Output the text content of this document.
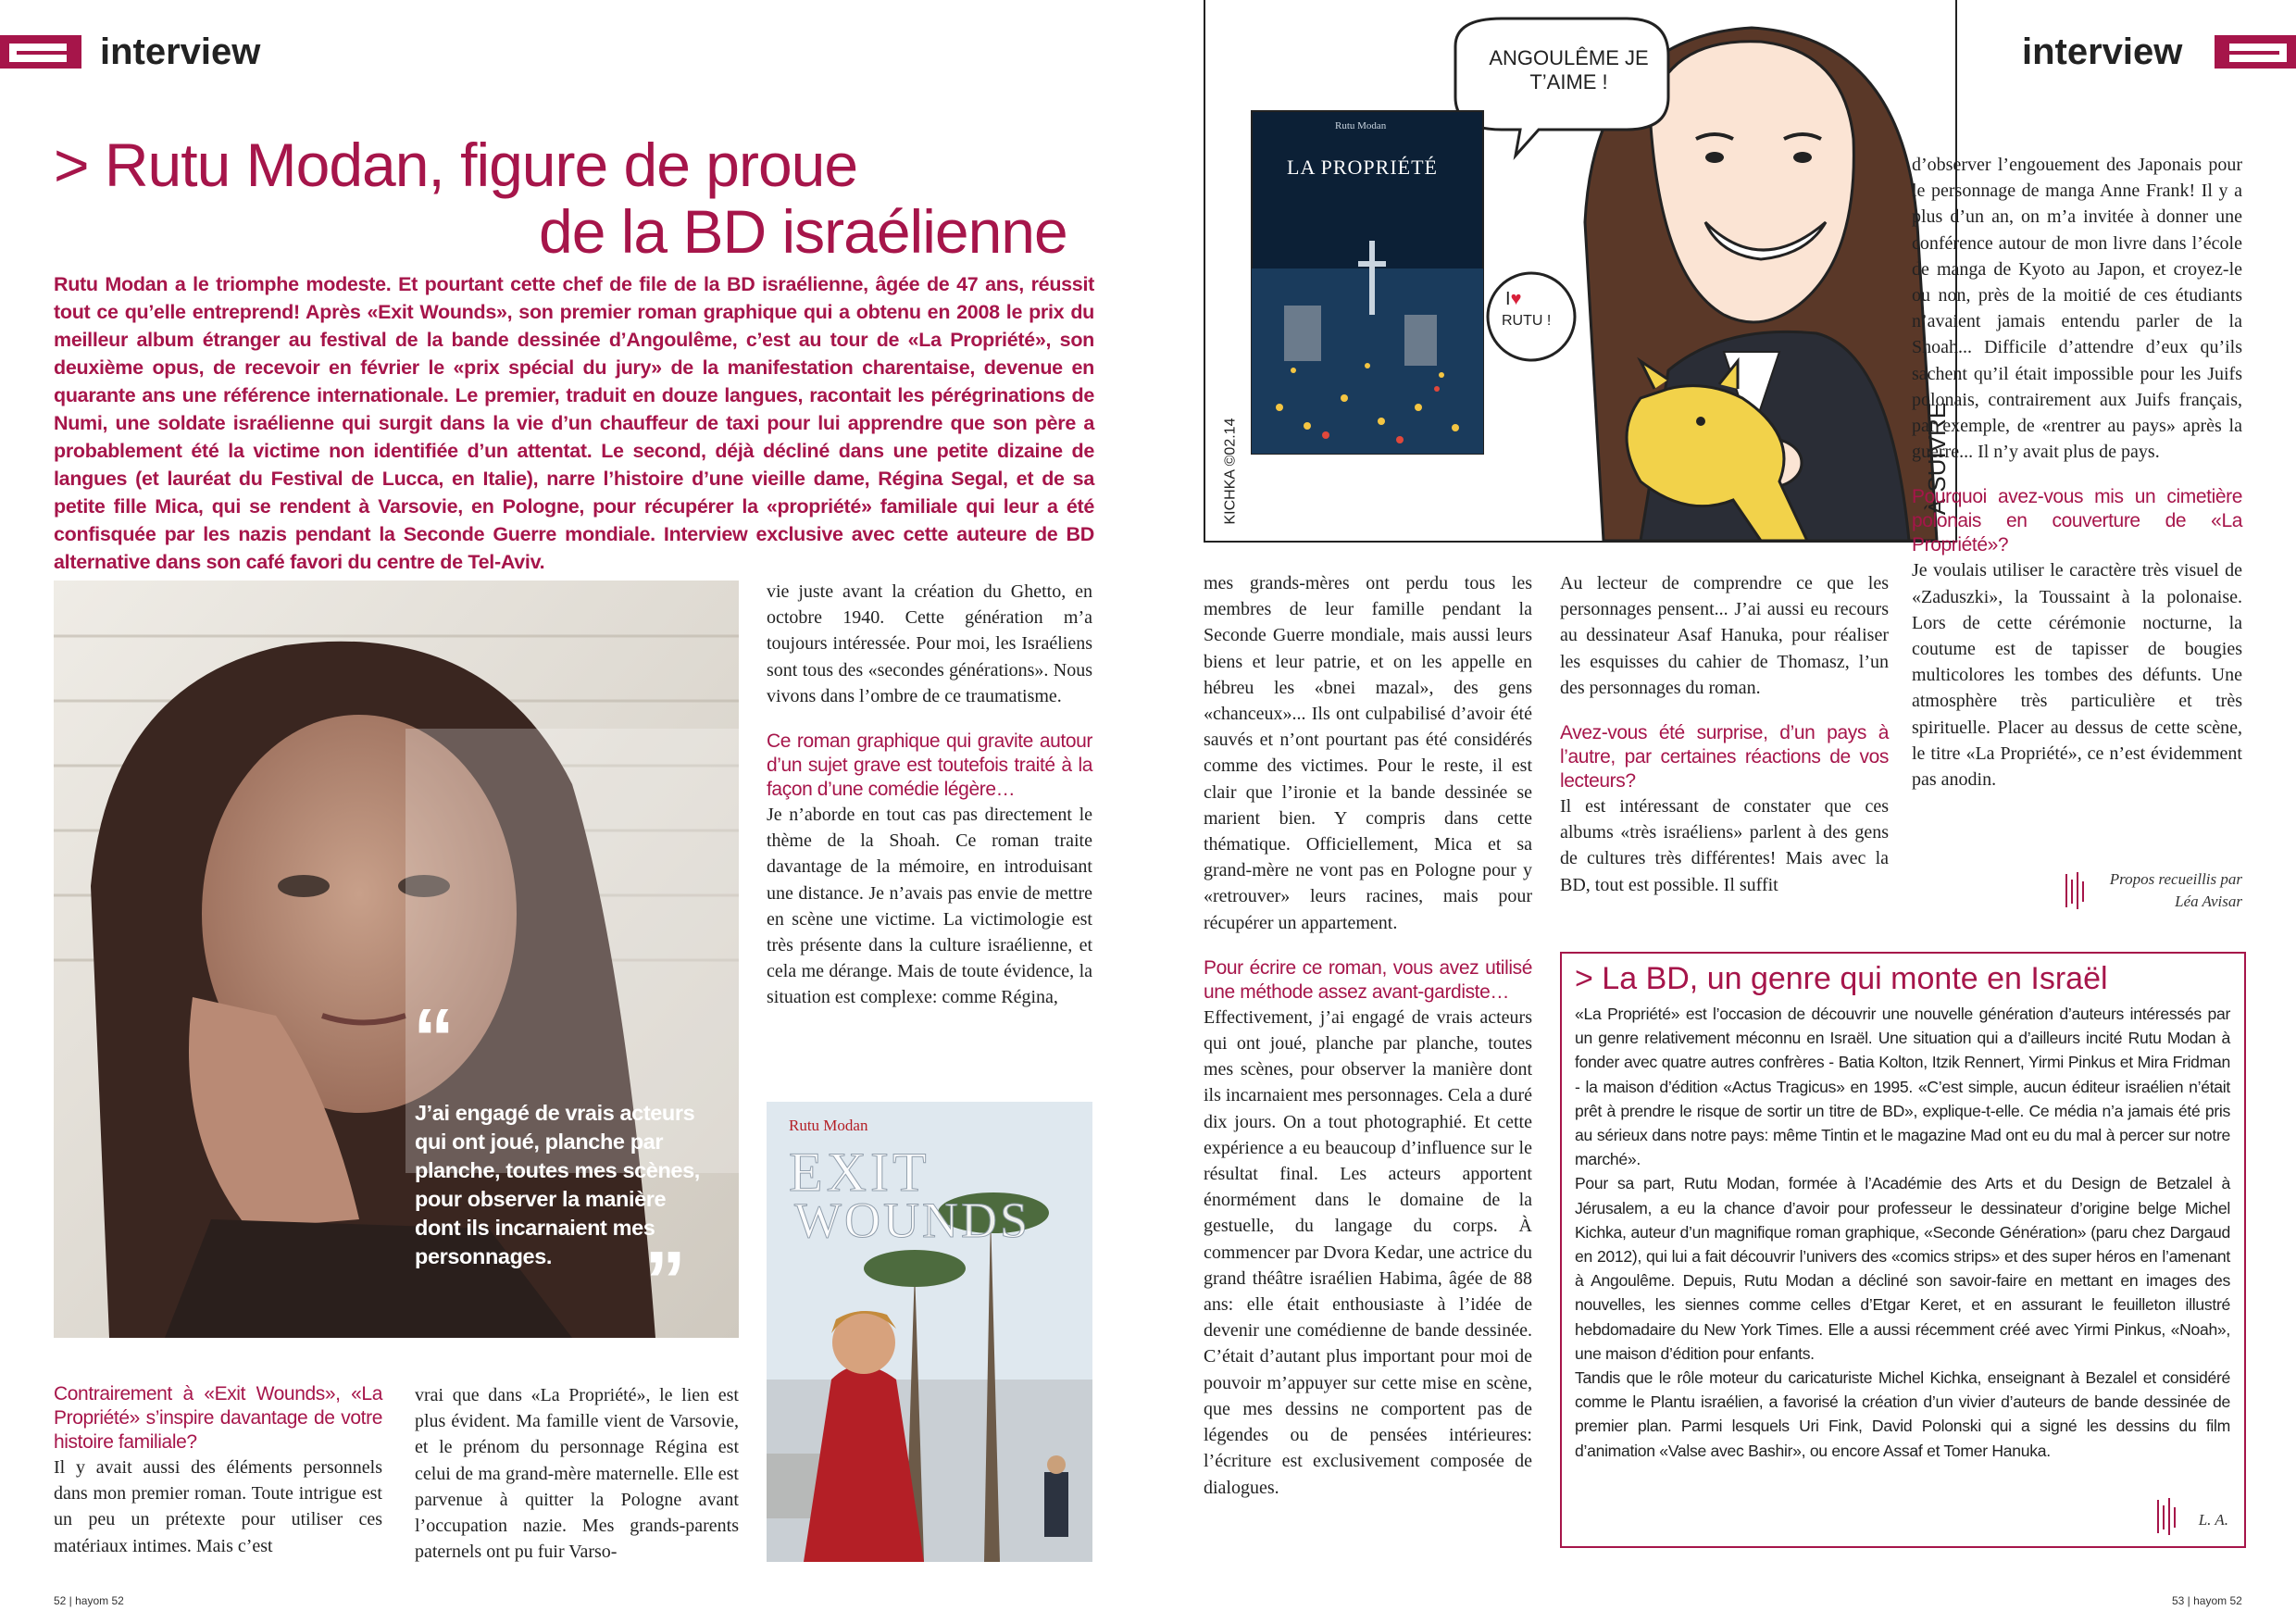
interview
> Rutu Modan, figure de proue
de la BD israélienne
Rutu Modan a le triomphe modeste. Et pourtant cette chef de file de la BD israélienne, âgée de 47 ans, réussit tout ce qu’elle entreprend! Après «Exit Wounds», son premier roman graphique qui a obtenu en 2008 le prix du meilleur album étranger au festival de la bande dessinée d’Angoulême, c’est au tour de «La Propriété», son deuxième opus, de recevoir en février le «prix spécial du jury» de la manifestation charentaise, devenue en quarante ans une référence internationale. Le premier, traduit en douze langues, racontait les pérégrinations de Numi, une soldate israélienne qui surgit dans la vie d’un chauffeur de taxi pour lui apprendre que son père a probablement été la victime non identifiée d’un attentat. Le second, déjà décliné dans une petite dizaine de langues (et lauréat du Festival de Lucca, en Italie), narre l’histoire d’une vieille dame, Régina Segal, et de sa petite fille Mica, qui se rendent à Varsovie, en Pologne, pour récupérer la «propriété» familiale qui leur a été confisquée par les nazis pendant la Seconde Guerre mondiale. Interview exclusive avec cette auteure de BD alternative dans son café favori du centre de Tel-Aviv.
“
J’ai engagé de vrais acteurs qui ont joué, planche par planche, toutes mes scènes, pour observer la manière dont ils incarnaient mes personnages.	”

Contrairement à «Exit Wounds», «La Propriété» s’inspire davantage de votre histoire familiale?

Il y avait aussi des éléments personnels dans mon premier roman. Toute intrigue est un peu un prétexte pour utiliser ces matériaux intimes. Mais c’est

vrai que dans «La Propriété», le lien est plus évident. Ma famille vient de Varsovie, et le prénom du personnage Régina est celui de ma grand-mère maternelle. Elle est parvenue à quitter la Pologne avant l’occupation nazie. Mes grands-parents paternels ont pu fuir Varso-

vie juste avant la création du Ghetto, en octobre 1940. Cette génération m’a toujours intéressée. Pour moi, les Israéliens sont tous des «secondes générations». Nous vivons dans l’ombre de ce traumatisme.

Ce roman graphique qui gravite autour d’un sujet grave est toutefois traité à la façon d’une comédie légère…

Je n’aborde en tout cas pas directement le thème de la Shoah. Ce roman traite davantage de la mémoire, en introduisant une distance. Je n’avais pas envie de mettre en scène une victime. La victimologie est très présente dans la culture israélienne, et cela me dérange. Mais de toute évidence, la situation est complexe: comme Régina,

Rutu Modan
EXIT
WOUNDS
52 | hayom 52
ANGOULÊME JE T’AIME !
I♥
RUTU !
Rutu Modan
LA PROPRIÉTÉ
KICHKA ©02.14	À SUIVRE
interview

mes grands-mères ont perdu tous les membres de leur famille pendant la Seconde Guerre mondiale, mais aussi leurs biens et leur patrie, et on les appelle en hébreu les «bnei mazal», des gens «chanceux»... Ils ont culpabilisé d’avoir été sauvés et n’ont pourtant pas été considérés comme des victimes. Pour le reste, il est clair que l’ironie et la bande dessinée se marient bien. Y compris dans cette thématique. Officiellement, Mica et sa grand-mère ne vont pas en Pologne pour y «retrouver» leurs racines, mais pour récupérer un appartement.

Pour écrire ce roman, vous avez utilisé une méthode assez avant-gardiste…

Effectivement, j’ai engagé de vrais acteurs qui ont joué, planche par planche, toutes mes scènes, pour observer la manière dont ils incarnaient mes personnages. Cela a duré dix jours. On a tout photographié. Et cette expérience a eu beaucoup d’influence sur le résultat final. Les acteurs apportent énormément dans le domaine de la gestuelle, du langage du corps. À commencer par Dvora Kedar, une actrice du grand théâtre israélien Habima, âgée de 88 ans: elle était enthousiaste à l’idée de devenir une comédienne de bande dessinée. C’était d’autant plus important pour moi de pouvoir m’appuyer sur cette mise en scène, que mes dessins ne comportent pas de légendes ou de pensées intérieures: l’écriture est exclusivement composée de dialogues.

Au lecteur de comprendre ce que les personnages pensent... J’ai aussi eu recours au dessinateur Asaf Hanuka, pour réaliser les esquisses du cahier de Thomasz, l’un des personnages du roman.

Avez-vous été surprise, d’un pays à l’autre, par certaines réactions de vos lecteurs?

Il est intéressant de constater que ces albums «très israéliens» parlent à des gens de cultures très différentes! Mais avec la BD, tout est possible. Il suffit

d’observer l’engouement des Japonais pour le personnage de manga Anne Frank! Il y a plus d’un an, on m’a invitée à donner une conférence autour de mon livre dans l’école de manga de Kyoto au Japon, et croyez-le ou non, près de la moitié de ces étudiants n’avaient jamais entendu parler de la Shoah... Difficile d’attendre d’eux qu’ils sachent qu’il était impossible pour les Juifs polonais, contrairement aux Juifs français, par exemple, de «rentrer au pays» après la guerre... Il n’y avait plus de pays.

Pourquoi avez-vous mis un cimetière polonais en couverture de «La Propriété»?

Je voulais utiliser le caractère très visuel de «Zaduszki», la Toussaint à la polonaise. Lors de cette cérémonie nocturne, la coutume est de tapisser de bougies multicolores les tombes des défunts. Une atmosphère très particulière et très spirituelle. Placer au dessus de cette scène, le titre «La Propriété», ce n’est évidemment pas anodin.

Propos recueillis par
Léa Avisar
> La BD, un genre qui monte en Israël

«La Propriété» est l’occasion de découvrir une nouvelle génération d’auteurs intéressés par un genre relativement méconnu en Israël. Une situation qui a d’ailleurs incité Rutu Modan à fonder avec quatre autres confrères - Batia Kolton, Itzik Rennert, Yirmi Pinkus et Mira Fridman - la maison d’édition «Actus Tragicus» en 1995. «C’est simple, aucun éditeur israélien n’était prêt à prendre le risque de sortir un titre de BD», explique-t-elle. Ce média n’a jamais été pris au sérieux dans notre pays: même Tintin et le magazine Mad ont eu du mal à percer sur notre marché».

Pour sa part, Rutu Modan, formée à l’Académie des Arts et du Design de Betzalel à Jérusalem, a eu la chance d’avoir pour professeur le dessinateur d’origine belge Michel Kichka, auteur d’un magnifique roman graphique, «Seconde Génération» (paru chez Dargaud en 2012), qui lui a fait découvrir l’univers des «comics strips» et des super héros en l’amenant à Angoulême. Depuis, Rutu Modan a décliné son savoir-faire en mettant en images des nouvelles, les siennes comme celles d’Etgar Keret, et en assurant le feuilleton illustré hebdomadaire du New York Times. Elle a aussi récemment créé avec Yirmi Pinkus, «Noah», une maison d’édition pour enfants.

Tandis que le rôle moteur du caricaturiste Michel Kichka, enseignant à Bezalel et considéré comme le Plantu israélien, a favorisé la création d’un vivier d’auteurs de bande dessinée de premier plan. Parmi lesquels Uri Fink, David Polonski qui a signé les dessins du film d’animation «Valse avec Bashir», ou encore Assaf et Tomer Hanuka.

L. A.
53 | hayom 52
